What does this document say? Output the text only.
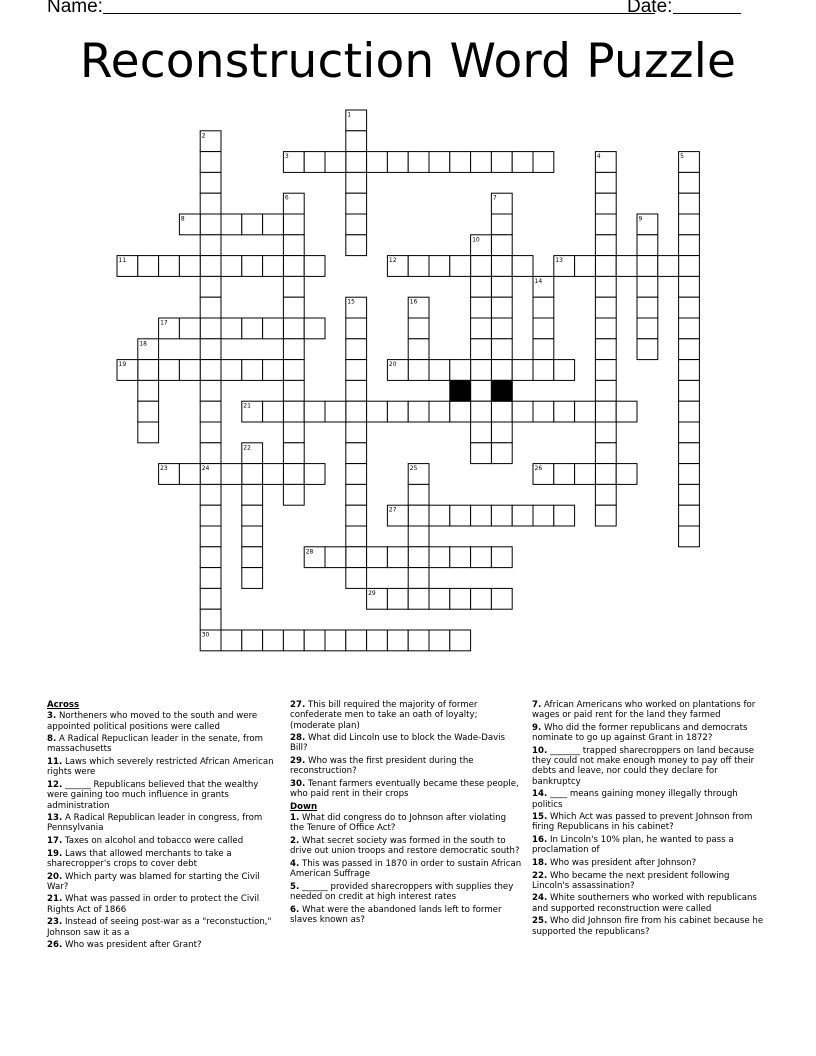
Name:	Date:
Reconstruction Word Puzzle
1
2
3	4	5
6	7
8	9
10
11	12	13
14
15	16
17
18
19	20
21
22
23	24	25	26
27
28
29
30
Across
3. Northeners who moved to the south and were appointed political positions were called
8. A Radical Repuclican leader in the senate, from massachusetts
11. Laws which severely restricted African American rights were
12. ______ Republicans believed that the wealthy were gaining too much influence in grants administration
13. A Radical Republican leader in congress, from Pennsylvania
17. Taxes on alcohol and tobacco were called
19. Laws that allowed merchants to take a sharecropper's crops to cover debt
20. Which party was blamed for starting the Civil War?
21. What was passed in order to protect the Civil Rights Act of 1866
23. Instead of seeing post-war as a "reconstuction," Johnson saw it as a
26. Who was president after Grant?
27. This bill required the majority of former confederate men to take an oath of loyalty; (moderate plan)
28. What did Lincoln use to block the Wade-Davis Bill?
29. Who was the first president during the reconstruction?
30. Tenant farmers eventually became these people, who paid rent in their crops
Down
1. What did congress do to Johnson after violating the Tenure of Office Act?
2. What secret society was formed in the south to drive out union troops and restore democratic south?
4. This was passed in 1870 in order to sustain African American Suffrage
5. ______ provided sharecroppers with supplies they needed on credit at high interest rates
6. What were the abandoned lands left to former slaves known as?
7. African Americans who worked on plantations for wages or paid rent for the land they farmed
9. Who did the former republicans and democrats nominate to go up against Grant in 1872?
10. _______ trapped sharecroppers on land because they could not make enough money to pay off their debts and leave, nor could they declare for bankruptcy
14. ____ means gaining money illegally through politics
15. Which Act was passed to prevent Johnson from firing Republicans in his cabinet?
16. In Lincoln's 10% plan, he wanted to pass a proclamation of
18. Who was president after Johnson?
22. Who became the next president following Lincoln's assassination?
24. White southerners who worked with republicans and supported reconstruction were called
25. Who did Johnson fire from his cabinet because he supported the republicans?
